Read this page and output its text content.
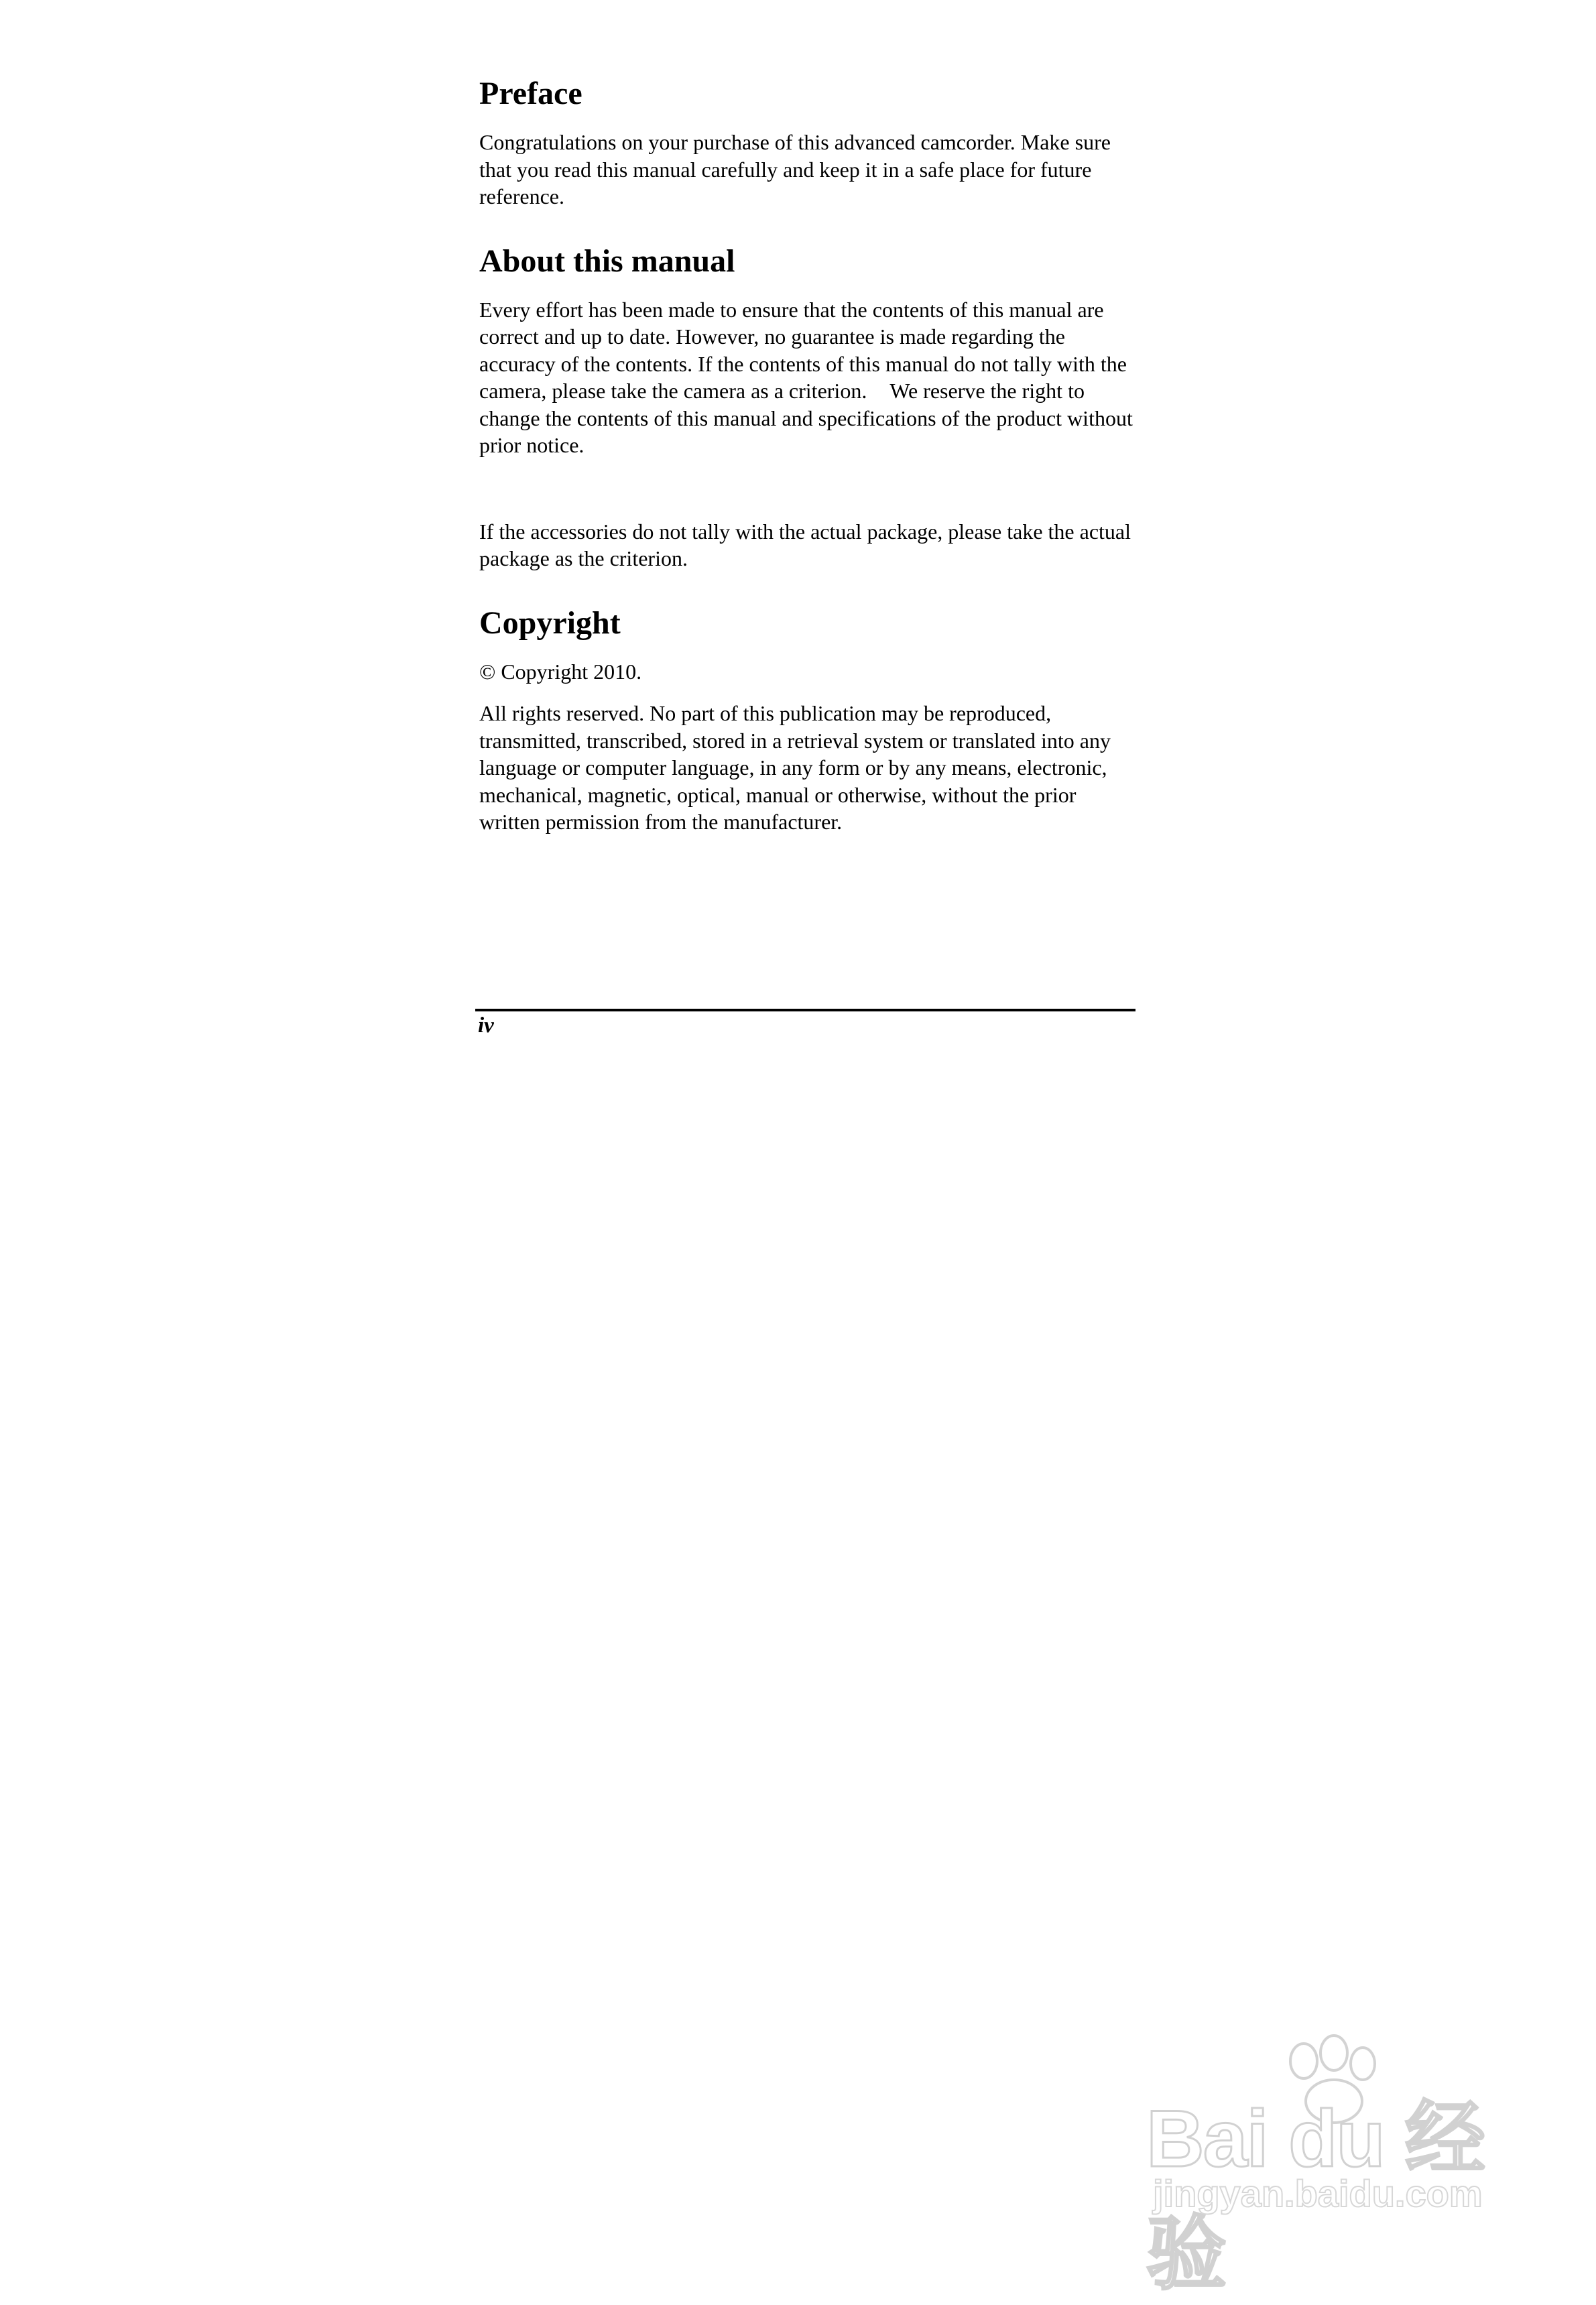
Preface

Congratulations on your purchase of this advanced camcorder. Make sure that you read this manual carefully and keep it in a safe place for future reference.

About this manual

Every effort has been made to ensure that the contents of this manual are correct and up to date. However, no guarantee is made regarding the accuracy of the contents. If the contents of this manual do not tally with the camera, please take the camera as a criterion. We reserve the right to change the contents of this manual and specifications of the product without prior notice.

If the accessories do not tally with the actual package, please take the actual package as the criterion.

Copyright

© Copyright 2010.

All rights reserved. No part of this publication may be reproduced, transmitted, transcribed, stored in a retrieval system or translated into any language or computer language, in any form or by any means, electronic, mechanical, magnetic, optical, manual or otherwise, without the prior written permission from the manufacturer.

iv
Bai du 经验
jingyan.baidu.com
